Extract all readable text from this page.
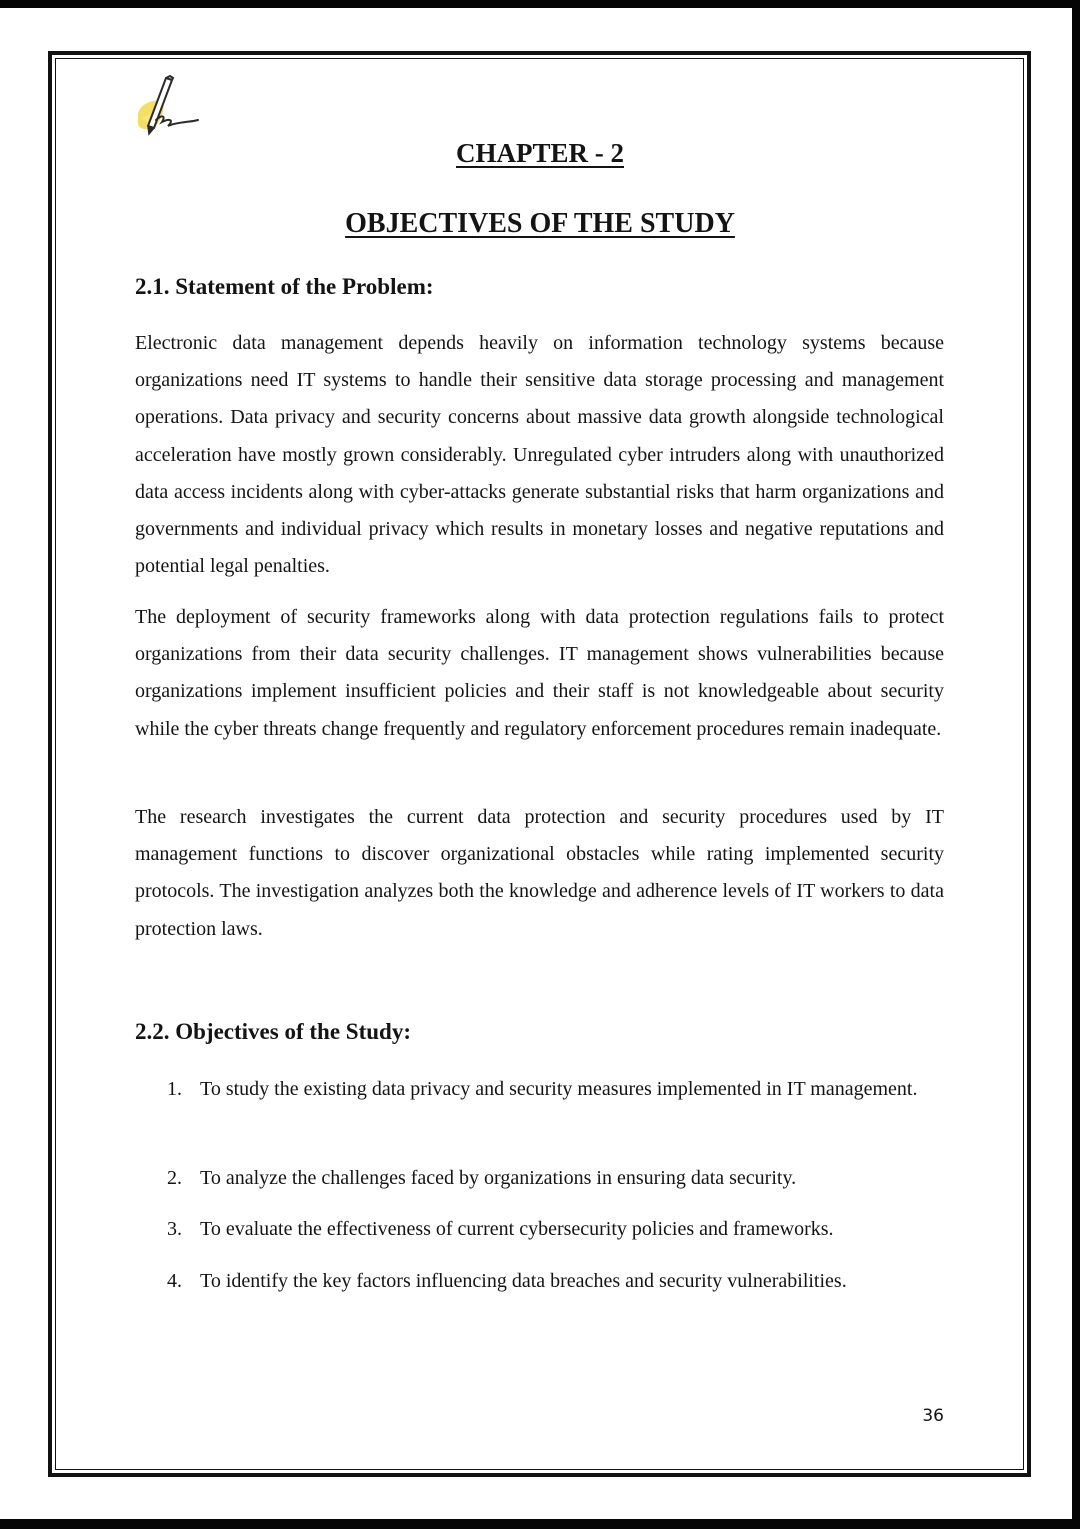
CHAPTER - 2
OBJECTIVES OF THE STUDY
2.1. Statement of the Problem:

Electronic data management depends heavily on information technology systems because organizations need IT systems to handle their sensitive data storage processing and management operations. Data privacy and security concerns about massive data growth alongside technological acceleration have mostly grown considerably. Unregulated cyber intruders along with unauthorized data access incidents along with cyber-attacks generate substantial risks that harm organizations and governments and individual privacy which results in monetary losses and negative reputations and potential legal penalties.

The deployment of security frameworks along with data protection regulations fails to protect organizations from their data security challenges. IT management shows vulnerabilities because organizations implement insufficient policies and their staff is not knowledgeable about security while the cyber threats change frequently and regulatory enforcement procedures remain inadequate.

The research investigates the current data protection and security procedures used by IT management functions to discover organizational obstacles while rating implemented security protocols. The investigation analyzes both the knowledge and adherence levels of IT workers to data protection laws.

2.2. Objectives of the Study:
1. To study the existing data privacy and security measures implemented in IT management.
2. To analyze the challenges faced by organizations in ensuring data security.
3. To evaluate the effectiveness of current cybersecurity policies and frameworks.
4. To identify the key factors influencing data breaches and security vulnerabilities.

36
